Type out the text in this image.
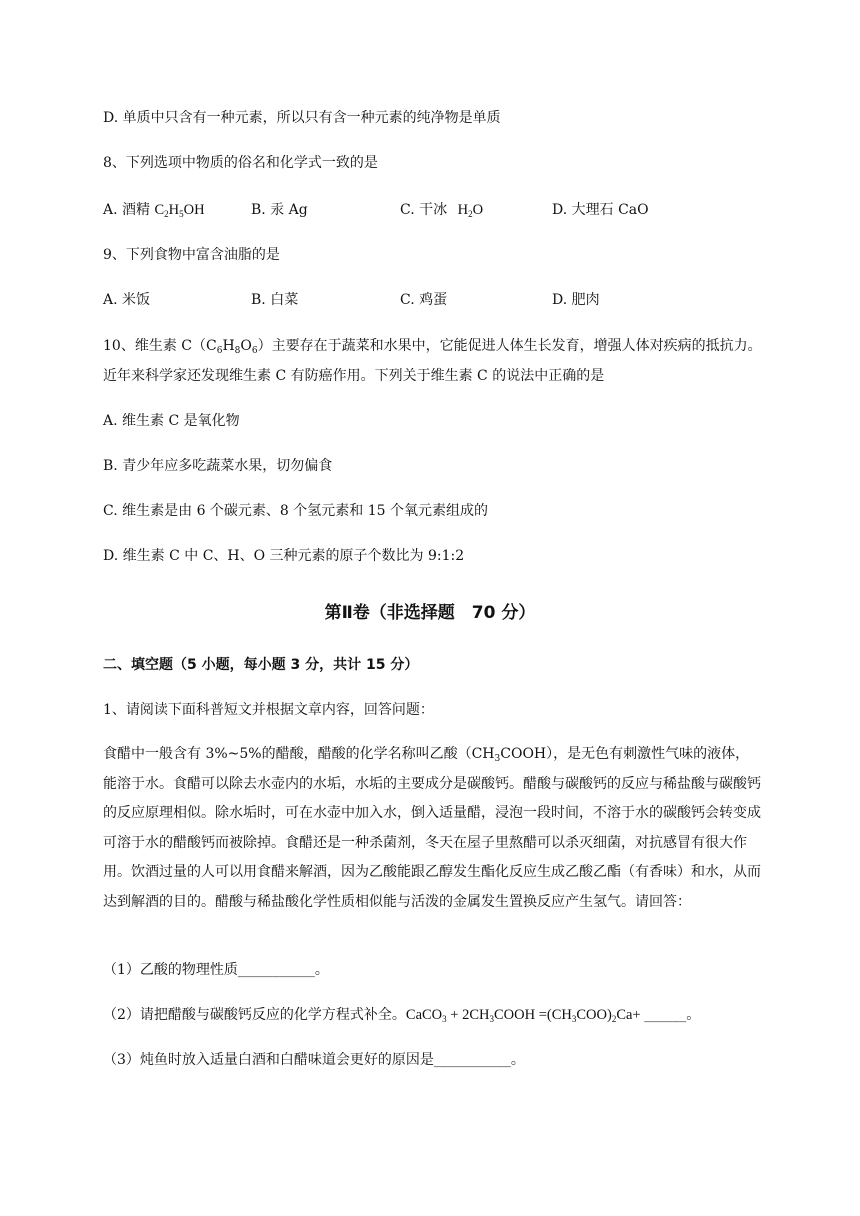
D. 单质中只含有一种元素，所以只有含一种元素的纯净物是单质
8、下列选项中物质的俗名和化学式一致的是
A. 酒精 $C_2H_5OH$	B. 汞 Ag	C. 干冰 $H_2O$	D. 大理石 CaO
9、下列食物中富含油脂的是
A. 米饭	B. 白菜	C. 鸡蛋	D. 肥肉
10、维生素 $C(C_6H_8O_6)$主要存在于蔬菜和水果中，它能促进人体生长发育，增强人体对疾病的抵抗力。
近年来科学家还发现维生素 C 有防癌作用。下列关于维生素 C 的说法中正确的是
A. 维生素 C 是氧化物
B. 青少年应多吃蔬菜水果，切勿偏食
C. 维生素是由 6 个碳元素、8 个氢元素和 15 个氧元素组成的
D. 维生素 C 中 C、H、O 三种元素的原子个数比为 9:1:2
第Ⅱ卷（非选择题　70 分）
二、填空题（5 小题，每小题 3 分，共计 15 分）
1、请阅读下面科普短文并根据文章内容，回答问题：
食醋中一般含有 3%~5%的醋酸，醋酸的化学名称叫乙酸$(CH_3COOH)$，是无色有刺激性气味的液体，能溶于水。食醋可以除去水壶内的水垢，水垢的主要成分是碳酸钙。醋酸与碳酸钙的反应与稀盐酸与碳酸钙的反应原理相似。除水垢时，可在水壶中加入水，倒入适量醋，浸泡一段时间，不溶于水的碳酸钙会转变成可溶于水的醋酸钙而被除掉。食醋还是一种杀菌剂，冬天在屋子里熬醋可以杀灭细菌，对抗感冒有很大作用。饮酒过量的人可以用食醋来解酒，因为乙酸能跟乙醇发生酯化反应生成乙酸乙酯（有香味）和水，从而达到解酒的目的。醋酸与稀盐酸化学性质相似能与活泼的金属发生置换反应产生氢气。请回答：
（1）乙酸的物理性质___________。
（2）请把醋酸与碳酸钙反应的化学方程式补全。CaCO$_3$ + $2CH_3COOH =(CH_3COO)_2Ca+$ ______。
（3）炖鱼时放入适量白酒和白醋味道会更好的原因是___________。
